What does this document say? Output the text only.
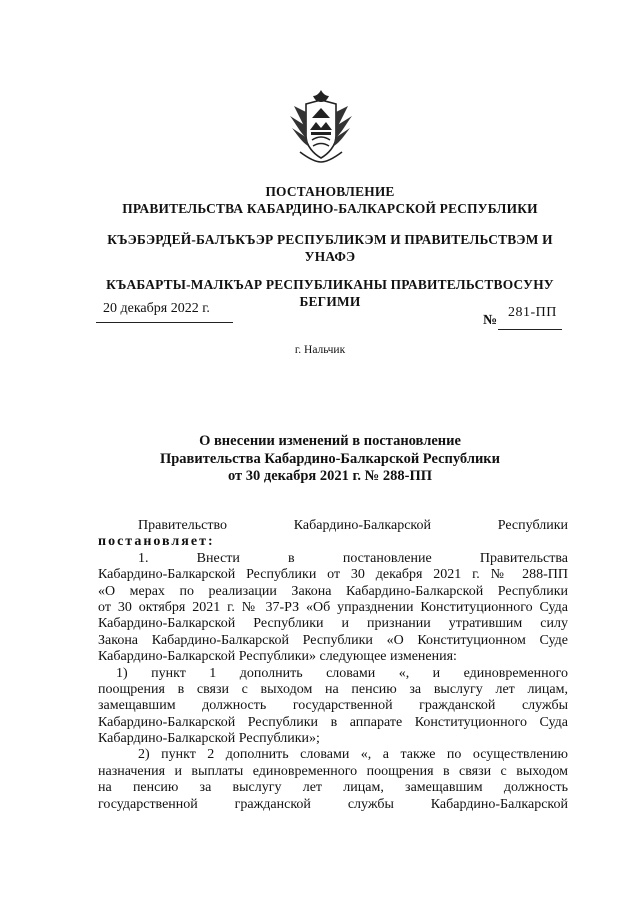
ПОСТАНОВЛЕНИЕ
ПРАВИТЕЛЬСТВА КАБАРДИНО-БАЛКАРСКОЙ РЕСПУБЛИКИ
КЪЭБЭРДЕЙ-БАЛЪКЪЭР РЕСПУБЛИКЭМ И ПРАВИТЕЛЬСТВЭМ И
УНАФЭ
КЪАБАРТЫ-МАЛКЪАР РЕСПУБЛИКАНЫ ПРАВИТЕЛЬСТВОСУНУ
БЕГИМИ
20 декабря 2022 г.
№
281-ПП
г. Нальчик
О внесении изменений в постановление
Правительства Кабардино-Балкарской Республики
от 30 декабря 2021 г. № 288-ПП
Правительство Кабардино-Балкарской Республики
постановляет:
1. Внести в постановление Правительства
Кабардино-Балкарской Республики от 30 декабря 2021 г. № 288-ПП
«О мерах по реализации Закона Кабардино-Балкарской Республики
от 30 октября 2021 г. № 37-РЗ «Об упразднении Конституционного Суда
Кабардино-Балкарской Республики и признании утратившим силу
Закона Кабардино-Балкарской Республики «О Конституционном Суде
Кабардино-Балкарской Республики» следующее изменения:
1) пункт 1 дополнить словами «, и единовременного
поощрения в связи с выходом на пенсию за выслугу лет лицам,
замещавшим должность государственной гражданской службы
Кабардино-Балкарской Республики в аппарате Конституционного Суда
Кабардино-Балкарской Республики»;
2) пункт 2 дополнить словами «, а также по осуществлению
назначения и выплаты единовременного поощрения в связи с выходом
на пенсию за выслугу лет лицам, замещавшим должность
государственной гражданской службы Кабардино-Балкарской
